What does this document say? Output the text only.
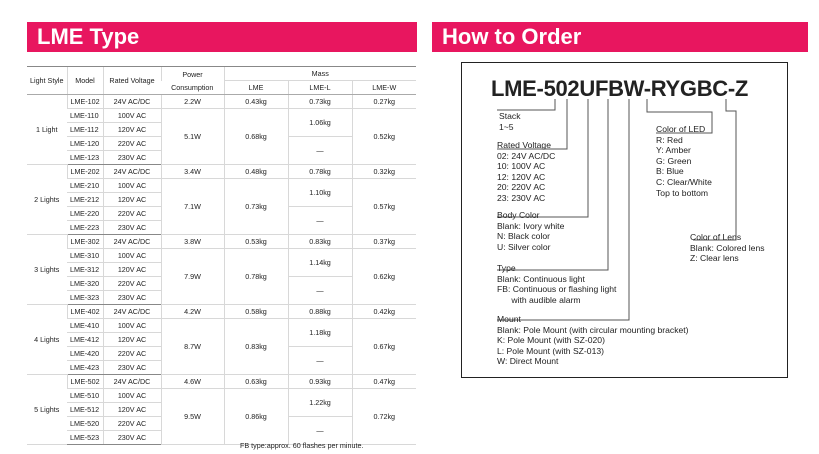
LME Type	How to Order
Light Style	Model	Rated Voltage	Power	Mass		
			Consumption	LME	LME-L	LME-W
1 Light	LME-102	24V AC/DC	2.2W	0.43kg	0.73kg	0.27kg
	LME-110	100V AC	5.1W	0.68kg	1.06kg	0.52kg
	LME-112	120V AC				
	LME-120	220V AC			—	
	LME-123	230V AC				
2 Lights	LME-202	24V AC/DC	3.4W	0.48kg	0.78kg	0.32kg
	LME-210	100V AC	7.1W	0.73kg	1.10kg	0.57kg
	LME-212	120V AC				
	LME-220	220V AC			—	
	LME-223	230V AC				
3 Lights	LME-302	24V AC/DC	3.8W	0.53kg	0.83kg	0.37kg
	LME-310	100V AC	7.9W	0.78kg	1.14kg	0.62kg
	LME-312	120V AC				
	LME-320	220V AC			—	
	LME-323	230V AC				
4 Lights	LME-402	24V AC/DC	4.2W	0.58kg	0.88kg	0.42kg
	LME-410	100V AC	8.7W	0.83kg	1.18kg	0.67kg
	LME-412	120V AC				
	LME-420	220V AC			—	
	LME-423	230V AC				
5 Lights	LME-502	24V AC/DC	4.6W	0.63kg	0.93kg	0.47kg
	LME-510	100V AC	9.5W	0.86kg	1.22kg	0.72kg
	LME-512	120V AC				
	LME-520	220V AC			—	
	LME-523	230V AC				
FB type:approx. 60 flashes per minute.
LME-502UFBW-RYGBC-Z
Stack
1~5
Rated Voltage
02: 24V AC/DC
10: 100V AC
12: 120V AC
20: 220V AC
23: 230V AC
Body Color
Blank: Ivory white
N: Black color
U: Silver color
Type
Blank: Continuous light
FB: Continuous or flashing light
with audible alarm
Mount
Blank: Pole Mount (with circular mounting bracket)
K: Pole Mount (with SZ-020)
L: Pole Mount (with SZ-013)
W: Direct Mount
Color of LED
R: Red
Y: Amber
G: Green
B: Blue
C: Clear/White
Top to bottom
Color of Lens
Blank: Colored lens
Z: Clear lens
